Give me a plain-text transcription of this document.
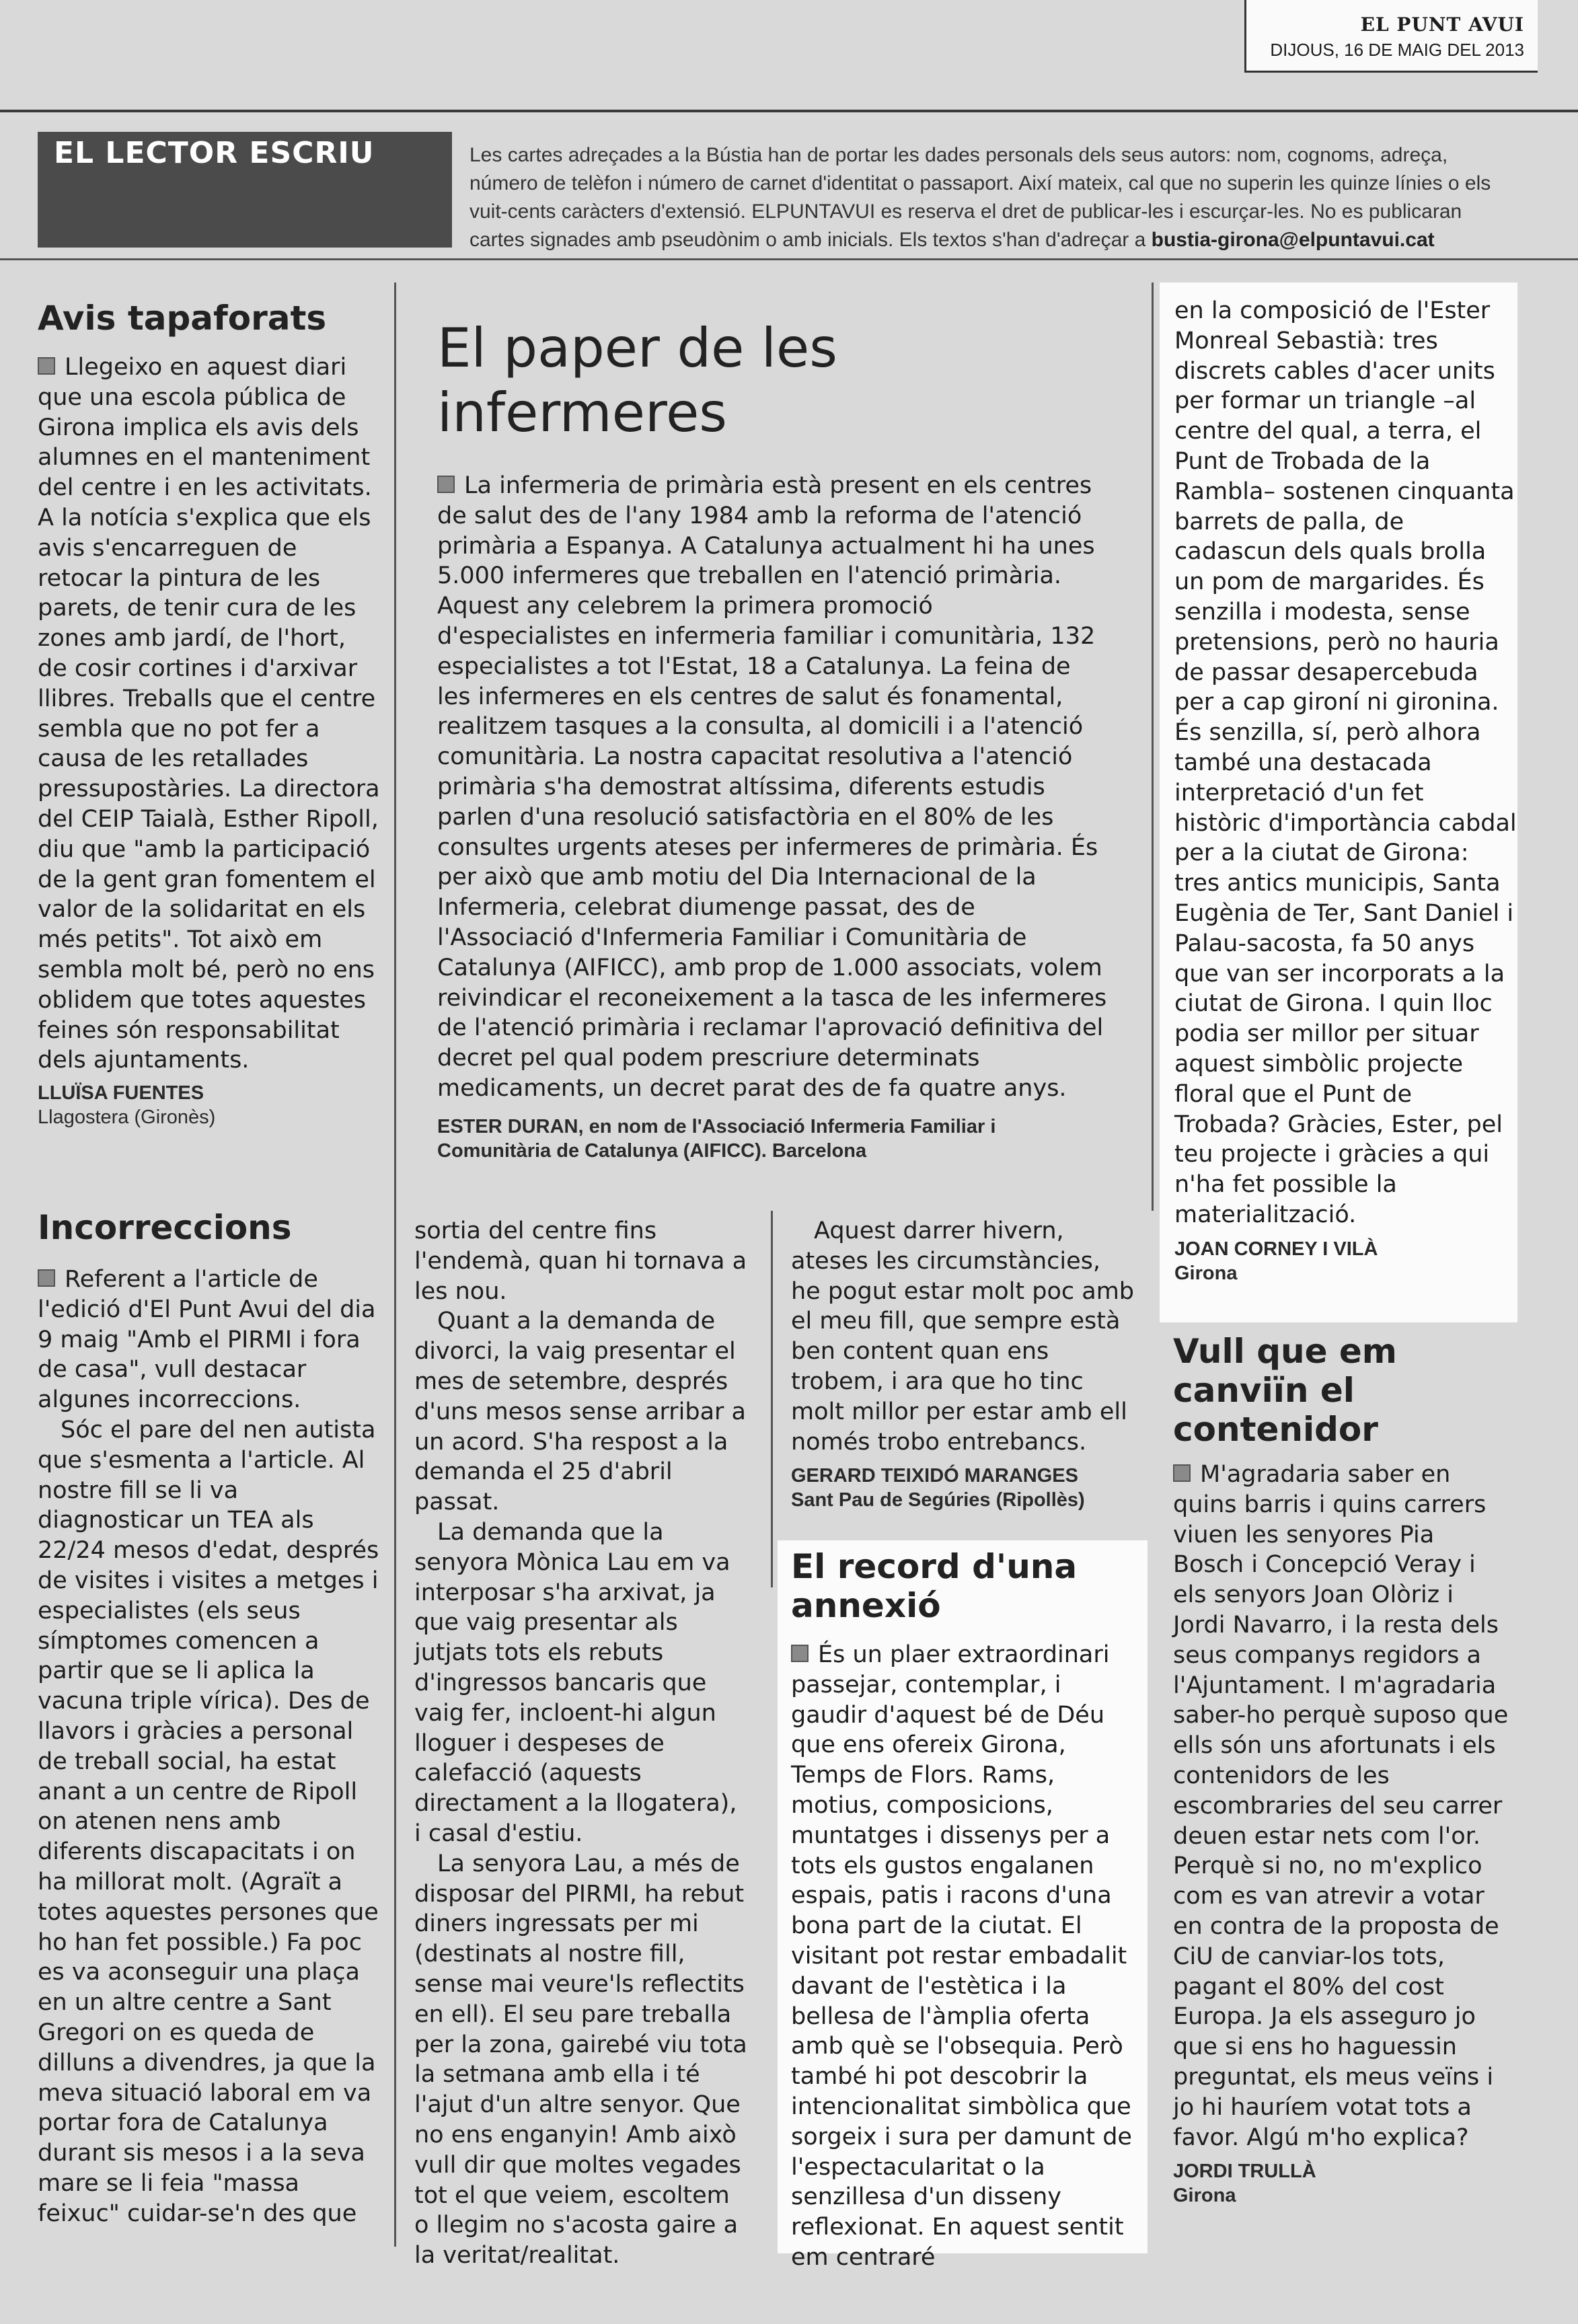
EL PUNT AVUI
DIJOUS, 16 DE MAIG DEL 2013
EL LECTOR ESCRIU	Les cartes adreçades a la Bústia han de portar les dades personals dels seus autors: nom, cognoms, adreça, número de telèfon i número de carnet d'identitat o passaport. Així mateix, cal que no superin les quinze línies o els vuit-cents caràcters d'extensió. ELPUNTAVUI es reserva el dret de publicar-les i escurçar-les. No es publicaran cartes signades amb pseudònim o amb inicials. Els textos s'han d'adreçar a bustia-girona@elpuntavui.cat
Avis tapaforats

Llegeixo en aquest diari que una escola pública de Girona implica els avis dels alumnes en el manteniment del centre i en les activitats. A la notícia s'explica que els avis s'encarreguen de retocar la pintura de les parets, de tenir cura de les zones amb jardí, de l'hort, de cosir cortines i d'arxivar llibres. Treballs que el centre sembla que no pot fer a causa de les retallades pressupostàries. La directora del CEIP Taialà, Esther Ripoll, diu que "amb la participació de la gent gran fomentem el valor de la solidaritat en els més petits". Tot això em sembla molt bé, però no ens oblidem que totes aquestes feines són responsabilitat dels ajuntaments.

LLUÏSA FUENTES
Llagostera (Gironès)
El paper de les infermeres

La infermeria de primària està present en els centres de salut des de l'any 1984 amb la reforma de l'atenció primària a Espanya. A Catalunya actualment hi ha unes 5.000 infermeres que treballen en l'atenció primària. Aquest any celebrem la primera promoció d'especialistes en infermeria familiar i comunitària, 132 especialistes a tot l'Estat, 18 a Catalunya. La feina de les infermeres en els centres de salut és fonamental, realitzem tasques a la consulta, al domicili i a l'atenció comunitària. La nostra capacitat resolutiva a l'atenció primària s'ha demostrat altíssima, diferents estudis parlen d'una resolució satisfactòria en el 80% de les consultes urgents ateses per infermeres de primària. És per això que amb motiu del Dia Internacional de la Infermeria, celebrat diumenge passat, des de l'Associació d'Infermeria Familiar i Comunitària de Catalunya (AIFICC), amb prop de 1.000 associats, volem reivindicar el reconeixement a la tasca de les infermeres de l'atenció primària i reclamar l'aprovació definitiva del decret pel qual podem prescriure determinats medicaments, un decret parat des de fa quatre anys.

ESTER DURAN, en nom de l'Associació Infermeria Familiar i Comunitària de Catalunya (AIFICC). Barcelona
Incorreccions

Referent a l'article de l'edició d'El Punt Avui del dia 9 maig "Amb el PIRMI i fora de casa", vull destacar algunes incorreccions.

Sóc el pare del nen autista que s'esmenta a l'article. Al nostre fill se li va diagnosticar un TEA als 22/24 mesos d'edat, després de visites i visites a metges i especialistes (els seus símptomes comencen a partir que se li aplica la vacuna triple vírica). Des de llavors i gràcies a personal de treball social, ha estat anant a un centre de Ripoll on atenen nens amb diferents discapacitats i on ha millorat molt. (Agraït a totes aquestes persones que ho han fet possible.) Fa poc es va aconseguir una plaça en un altre centre a Sant Gregori on es queda de dilluns a divendres, ja que la meva situació laboral em va portar fora de Catalunya durant sis mesos i a la seva mare se li feia "massa feixuc" cuidar-se'n des que

sortia del centre fins l'endemà, quan hi tornava a les nou.

Quant a la demanda de divorci, la vaig presentar el mes de setembre, després d'uns mesos sense arribar a un acord. S'ha respost a la demanda el 25 d'abril passat.

La demanda que la senyora Mònica Lau em va interposar s'ha arxivat, ja que vaig presentar als jutjats tots els rebuts d'ingressos bancaris que vaig fer, incloent-hi algun lloguer i despeses de calefacció (aquests directament a la llogatera), i casal d'estiu.

La senyora Lau, a més de disposar del PIRMI, ha rebut diners ingressats per mi (destinats al nostre fill, sense mai veure'ls reflectits en ell). El seu pare treballa per la zona, gairebé viu tota la setmana amb ella i té l'ajut d'un altre senyor. Que no ens enganyin! Amb això vull dir que moltes vegades tot el que veiem, escoltem o llegim no s'acosta gaire a la veritat/realitat.

Aquest darrer hivern, ateses les circumstàncies, he pogut estar molt poc amb el meu fill, que sempre està ben content quan ens trobem, i ara que ho tinc molt millor per estar amb ell només trobo entrebancs.

GERARD TEIXIDÓ MARANGES
Sant Pau de Segúries (Ripollès)
El record d'una annexió

És un plaer extraordinari passejar, contemplar, i gaudir d'aquest bé de Déu que ens ofereix Girona, Temps de Flors. Rams, motius, composicions, muntatges i dissenys per a tots els gustos engalanen espais, patis i racons d'una bona part de la ciutat. El visitant pot restar embadalit davant de l'estètica i la bellesa de l'àmplia oferta amb què se l'obsequia. Però també hi pot descobrir la intencionalitat simbòlica que sorgeix i sura per damunt de l'espectacularitat o la senzillesa d'un disseny reflexionat. En aquest sentit em centraré

en la composició de l'Ester Monreal Sebastià: tres discrets cables d'acer units per formar un triangle –al centre del qual, a terra, el Punt de Trobada de la Rambla– sostenen cinquanta barrets de palla, de cadascun dels quals brolla un pom de margarides. És senzilla i modesta, sense pretensions, però no hauria de passar desapercebuda per a cap gironí ni gironina. És senzilla, sí, però alhora també una destacada interpretació d'un fet històric d'importància cabdal per a la ciutat de Girona: tres antics municipis, Santa Eugènia de Ter, Sant Daniel i Palau-sacosta, fa 50 anys que van ser incorporats a la ciutat de Girona. I quin lloc podia ser millor per situar aquest simbòlic projecte floral que el Punt de Trobada? Gràcies, Ester, pel teu projecte i gràcies a qui n'ha fet possible la materialització.

JOAN CORNEY I VILÀ
Girona
Vull que em canviïn el contenidor

M'agradaria saber en quins barris i quins carrers viuen les senyores Pia Bosch i Concepció Veray i els senyors Joan Olòriz i Jordi Navarro, i la resta dels seus companys regidors a l'Ajuntament. I m'agradaria saber-ho perquè suposo que ells són uns afortunats i els contenidors de les escombraries del seu carrer deuen estar nets com l'or. Perquè si no, no m'explico com es van atrevir a votar en contra de la proposta de CiU de canviar-los tots, pagant el 80% del cost Europa. Ja els asseguro jo que si ens ho haguessin preguntat, els meus veïns i jo hi hauríem votat tots a favor. Algú m'ho explica?

JORDI TRULLÀ
Girona
